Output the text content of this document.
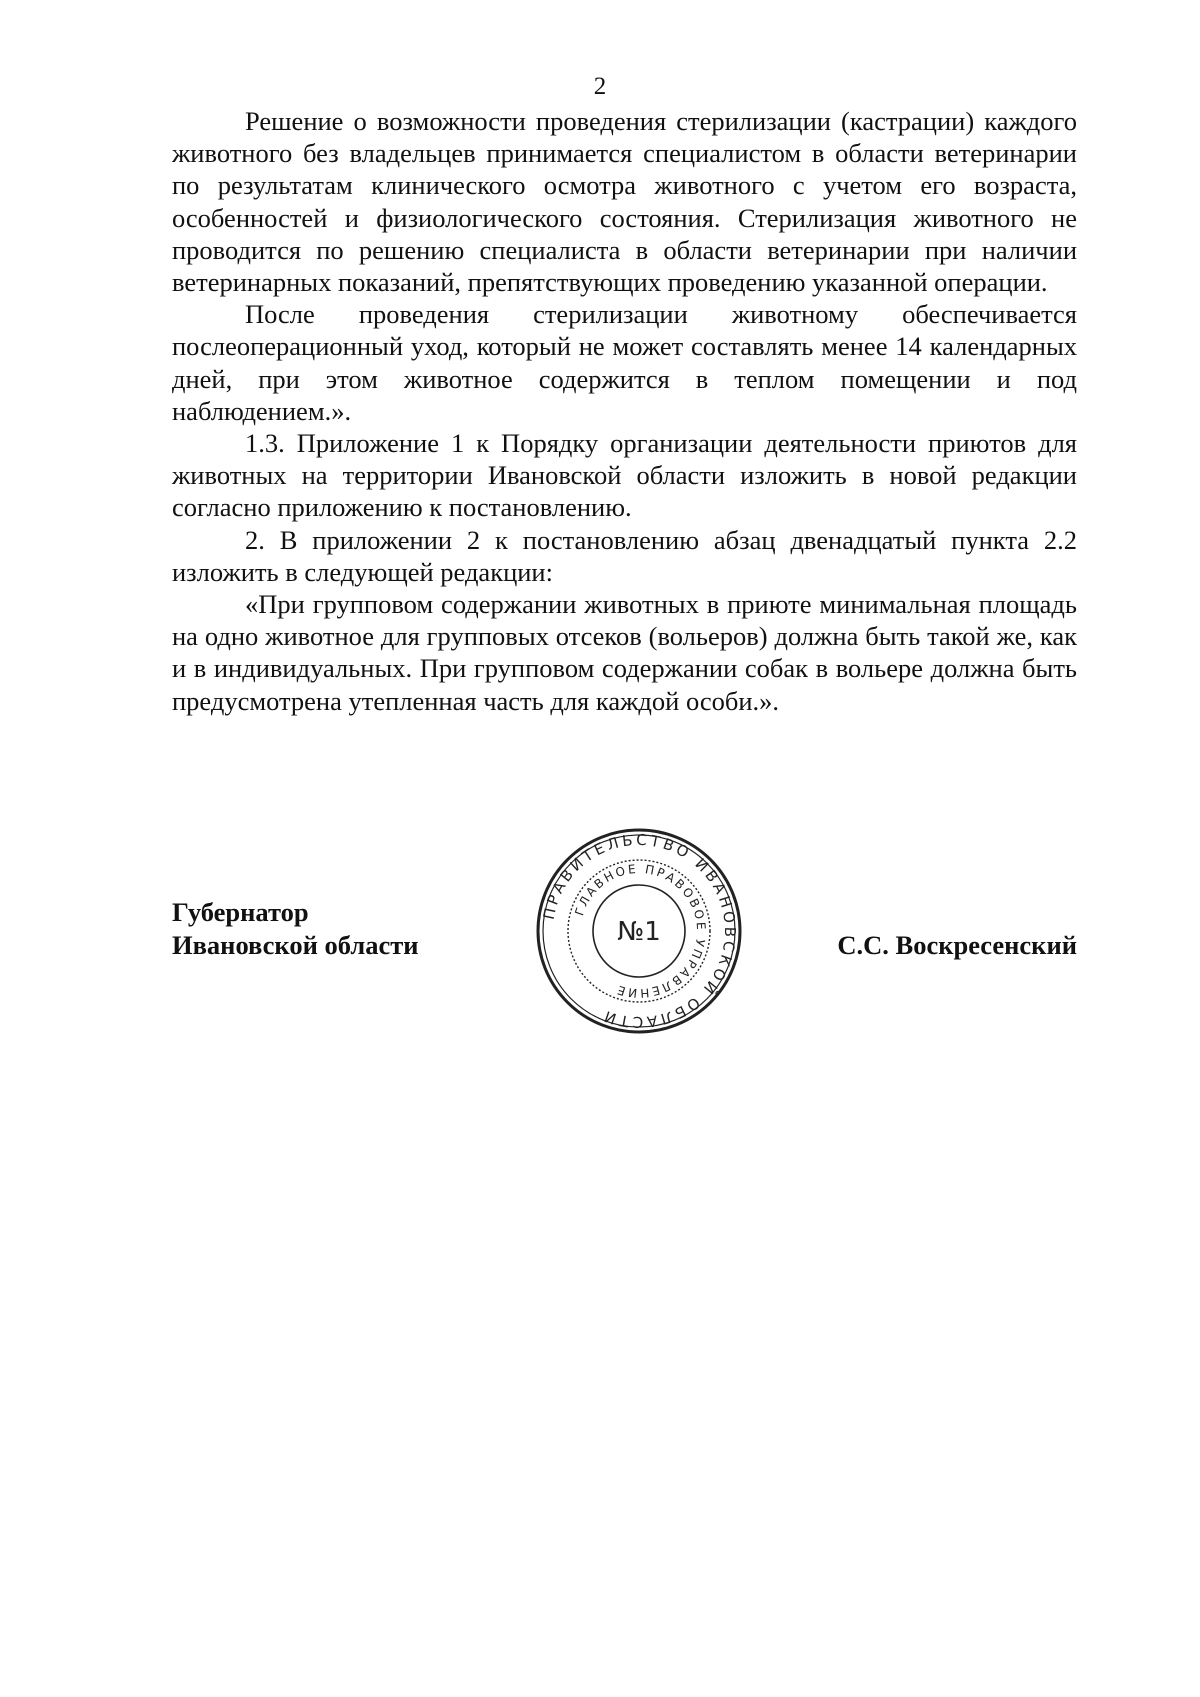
2

Решение о возможности проведения стерилизации (кастрации) каждого животного без владельцев принимается специалистом в области ветеринарии по результатам клинического осмотра животного с учетом его возраста, особенностей и физиологического состояния. Стерилизация животного не проводится по решению специалиста в области ветеринарии при наличии ветеринарных показаний, препятствующих проведению указанной операции.

После проведения стерилизации животному обеспечивается послеоперационный уход, который не может составлять менее 14 календарных дней, при этом животное содержится в теплом помещении и под наблюдением.».

1.3. Приложение 1 к Порядку организации деятельности приютов для животных на территории Ивановской области изложить в новой редакции согласно приложению к постановлению.

2. В приложении 2 к постановлению абзац двенадцатый пункта 2.2 изложить в следующей редакции:

«При групповом содержании животных в приюте минимальная площадь на одно животное для групповых отсеков (вольеров) должна быть такой же, как и в индивидуальных. При групповом содержании собак в вольере должна быть предусмотрена утепленная часть для каждой особи.».

Губернатор
Ивановской области
ПРАВИТЕЛЬСТВО ИВАНОВСКОЙ ОБЛАСТИ
ГЛАВНОЕ ПРАВОВОЕ УПРАВЛЕНИЕ
№1	С.С. Воскресенский
